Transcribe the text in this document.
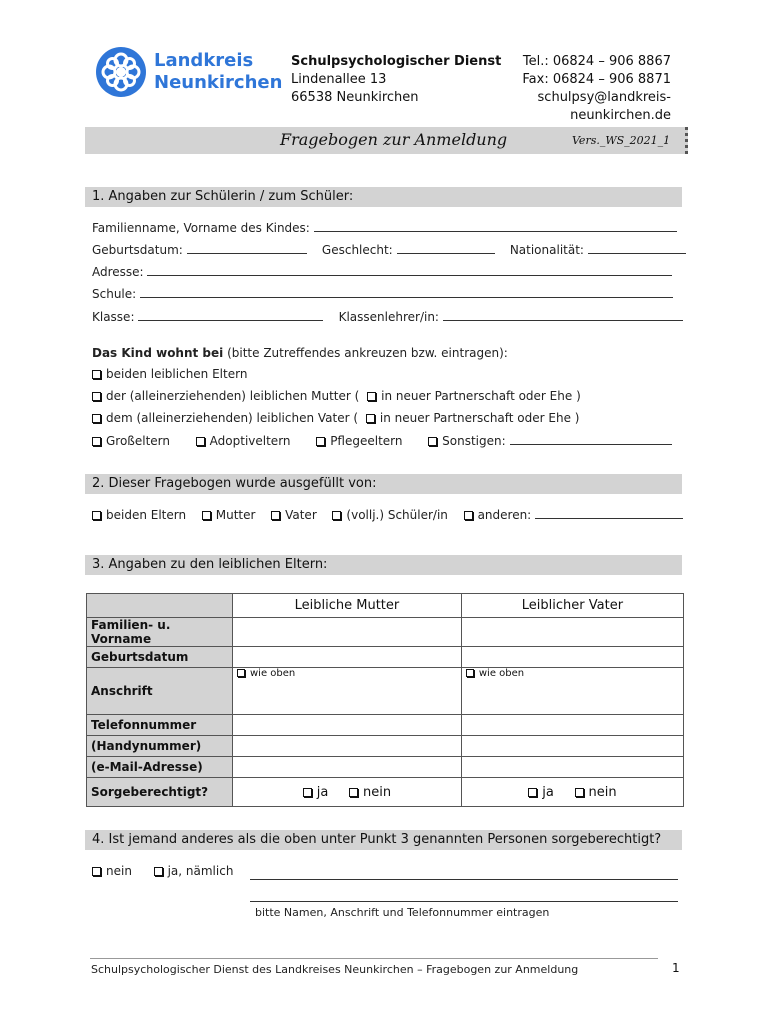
Landkreis
Neunkirchen
Schulpsychologischer Dienst
Lindenallee 13
66538 Neunkirchen
Tel.: 06824 – 906 8867
Fax: 06824 – 906 8871
schulpsy@landkreis-neunkirchen.de
Fragebogen zur Anmeldung	Vers._WS_2021_1
1. Angaben zur Schülerin / zum Schüler:
Familienname, Vorname des Kindes:
Geburtsdatum:	Geschlecht:	Nationalität:
Adresse:
Schule:
Klasse:	Klassenlehrer/in:
Das Kind wohnt bei (bitte Zutreffendes ankreuzen bzw. eintragen):
beiden leiblichen Eltern
der (alleinerziehenden) leiblichen Mutter ( in neuer Partnerschaft oder Ehe )
dem (alleinerziehenden) leiblichen Vater ( in neuer Partnerschaft oder Ehe )
Großeltern	Adoptiveltern	Pflegeeltern	Sonstigen:
2. Dieser Fragebogen wurde ausgefüllt von:
beiden Eltern Mutter Vater (vollj.) Schüler/in anderen:
3. Angaben zu den leiblichen Eltern:
	Leibliche Mutter	Leiblicher Vater
Familien- u. Vorname		
Geburtsdatum		
Anschrift	wie oben	wie oben
Telefonnummer		
(Handynummer)		
(e-Mail-Adresse)		
Sorgeberechtigt?	ja nein	ja nein
4. Ist jemand anderes als die oben unter Punkt 3 genannten Personen sorgeberechtigt?
nein	ja, nämlich
bitte Namen, Anschrift und Telefonnummer eintragen
Schulpsychologischer Dienst des Landkreises Neunkirchen – Fragebogen zur Anmeldung	1
